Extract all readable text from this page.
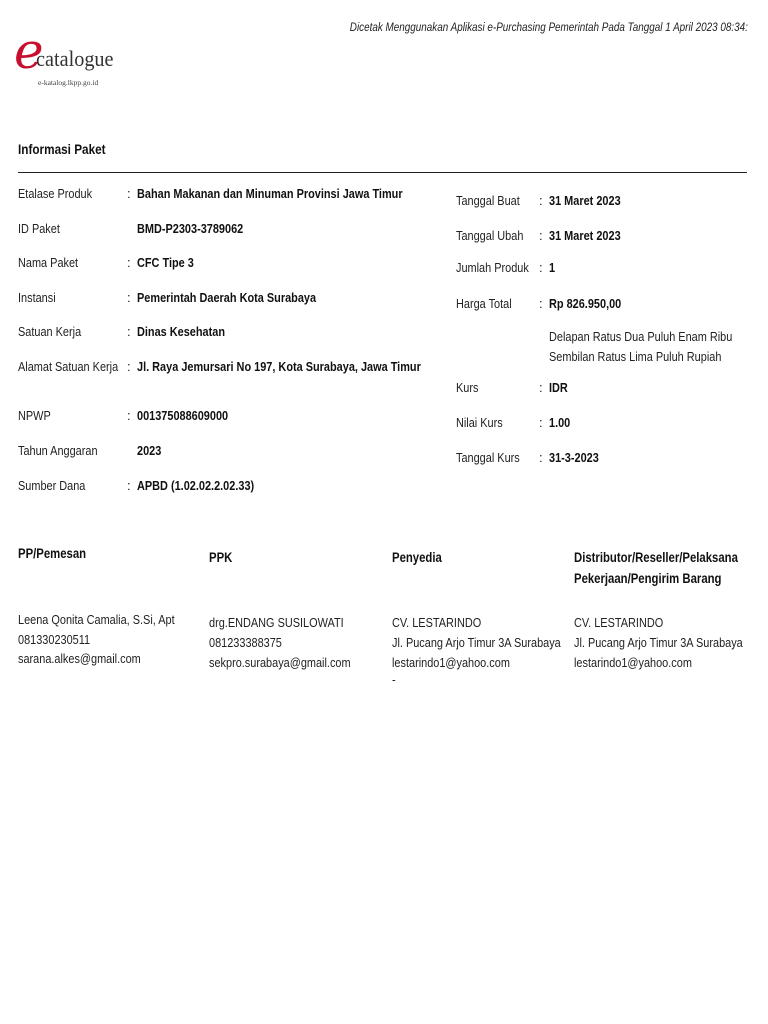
Dicetak Menggunakan Aplikasi e-Purchasing Pemerintah Pada Tanggal 1 April 2023 08:34:
e
catalogue
e-katalog.lkpp.go.id
Informasi Paket
Etalase Produk	: Bahan Makanan dan Minuman Provinsi Jawa Timur
ID Paket	BMD-P2303-3789062
Nama Paket	: CFC Tipe 3
Instansi	: Pemerintah Daerah Kota Surabaya
Satuan Kerja	: Dinas Kesehatan
Alamat Satuan Kerja : Jl. Raya Jemursari No 197, Kota Surabaya, Jawa Timur
NPWP	: 001375088609000
Tahun Anggaran	2023
Sumber Dana	: APBD (1.02.02.2.02.33)
Tanggal Buat : 31 Maret 2023
Tanggal Ubah : 31 Maret 2023
Jumlah Produk : 1
Harga Total : Rp 826.950,00
Delapan Ratus Dua Puluh Enam Ribu
Sembilan Ratus Lima Puluh Rupiah
Kurs	: IDR
Nilai Kurs	: 1.00
Tanggal Kurs : 31-3-2023
PP/Pemesan
Leena Qonita Camalia, S.Si, Apt
081330230511
sarana.alkes@gmail.com
PPK
drg.ENDANG SUSILOWATI
081233388375
sekpro.surabaya@gmail.com
Penyedia
CV. LESTARINDO
Jl. Pucang Arjo Timur 3A Surabaya
lestarindo1@yahoo.com
-
Distributor/Reseller/Pelaksana
Pekerjaan/Pengirim Barang
CV. LESTARINDO
Jl. Pucang Arjo Timur 3A Surabaya
lestarindo1@yahoo.com
